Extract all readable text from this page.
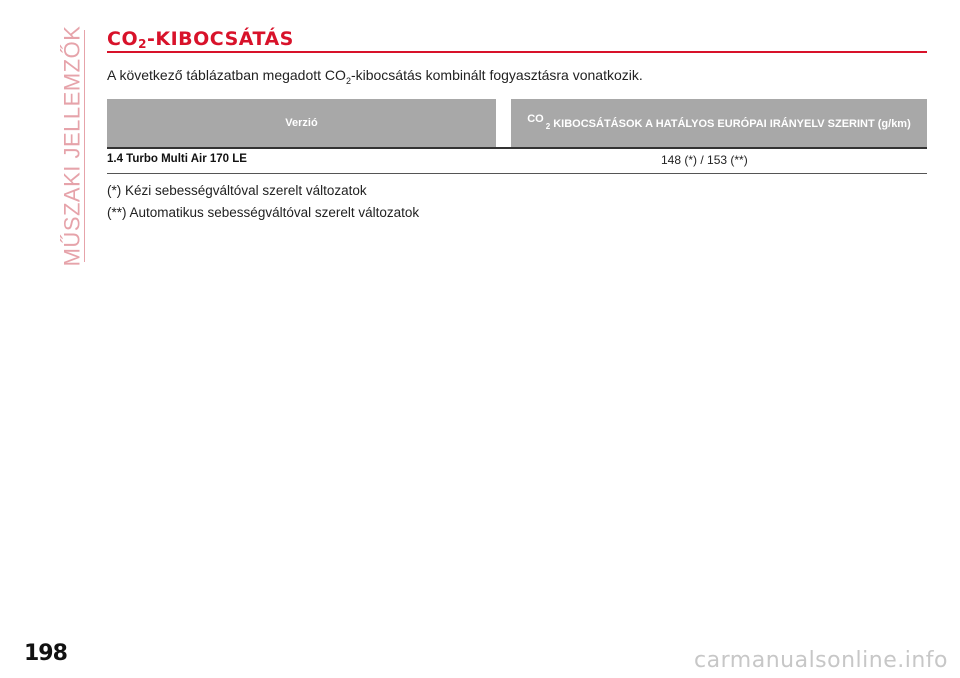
MŰSZAKI JELLEMZŐK $CO_2$-KIBOCSÁTÁS
A következő táblázatban megadott $CO_2$-kibocsátás kombinált fogyasztásra vonatkozik.
Verzió	CO2 KIBOCSÁTÁSOK A HATÁLYOS EURÓPAI IRÁNYELV SZERINT (g/km)
1.4 Turbo Multi Air 170 LE	148 (*) / 153 (**)
(*) Kézi sebességváltóval szerelt változatok
(**) Automatikus sebességváltóval szerelt változatok
198	carmanualsonline.info
